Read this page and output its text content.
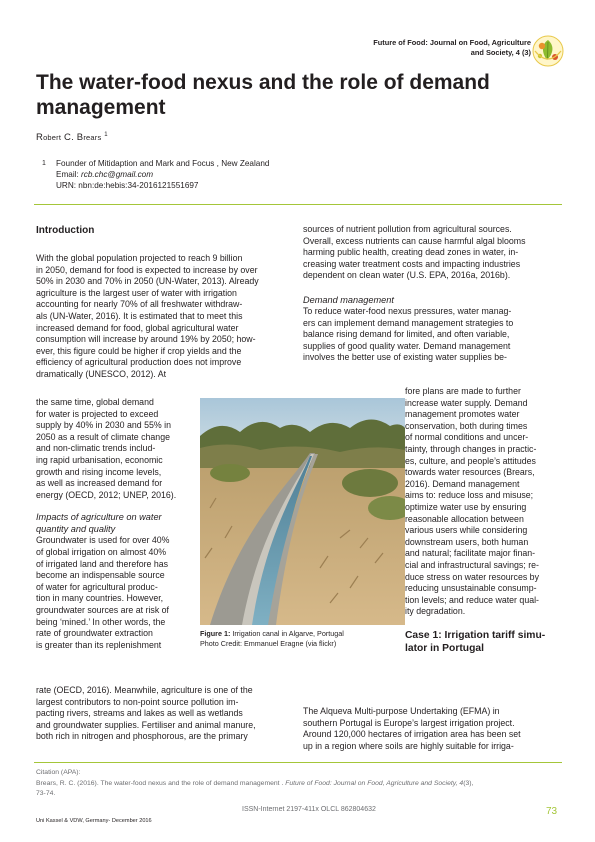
Future of Food: Journal on Food, Agriculture
and Society, 4 (3)
The water-food nexus and the role of demand management
Robert C. Brears $^1$
1 Founder of Mitidaption and Mark and Focus , New Zealand
Email: rcb.chc@gmail.com
URN: nbn:de:hebis:34-2016121551697
Introduction

With the global population projected to reach 9 billion
in 2050, demand for food is expected to increase by over
50% in 2030 and 70% in 2050 (UN-Water, 2013). Already
agriculture is the largest user of water with irrigation
accounting for nearly 70% of all freshwater withdraw-
als (UN-Water, 2016). It is estimated that to meet this
increased demand for food, global agricultural water
consumption will increase by around 19% by 2050; how-
ever, this figure could be higher if crop yields and the
efficiency of agricultural production does not improve
dramatically (UNESCO, 2012). At

the same time, global demand
for water is projected to exceed
supply by 40% in 2030 and 55% in
2050 as a result of climate change
and non-climatic trends includ-
ing rapid urbanisation, economic
growth and rising income levels,
as well as increased demand for
energy (OECD, 2012; UNEP, 2016).

Impacts of agriculture on water
quantity and quality

Groundwater is used for over 40%
of global irrigation on almost 40%
of irrigated land and therefore has
become an indispensable source
of water for agricultural produc-
tion in many countries. However,
groundwater sources are at risk of
being ‘mined.’ In other words, the
rate of groundwater extraction
is greater than its replenishment

rate (OECD, 2016). Meanwhile, agriculture is one of the
largest contributors to non-point source pollution im-
pacting rivers, streams and lakes as well as wetlands
and groundwater supplies. Fertiliser and animal manure,
both rich in nitrogen and phosphorous, are the primary

sources of nutrient pollution from agricultural sources.
Overall, excess nutrients can cause harmful algal blooms
harming public health, creating dead zones in water, in-
creasing water treatment costs and impacting industries
dependent on clean water (U.S. EPA, 2016a, 2016b).

Demand management

To reduce water-food nexus pressures, water manag-
ers can implement demand management strategies to
balance rising demand for limited, and often variable,
supplies of good quality water. Demand management
involves the better use of existing water supplies be-

fore plans are made to further
increase water supply. Demand
management promotes water
conservation, both during times
of normal conditions and uncer-
tainty, through changes in practic-
es, culture, and people’s attitudes
towards water resources (Brears,
2016). Demand management
aims to: reduce loss and misuse;
optimize water use by ensuring
reasonable allocation between
various users while considering
downstream users, both human
and natural; facilitate major finan-
cial and infrastructural savings; re-
duce stress on water resources by
reducing unsustainable consump-
tion levels; and reduce water qual-
ity degradation.

Case 1: Irrigation tariff simu-
lator in Portugal

The Alqueva Multi-purpose Undertaking (EFMA) in
southern Portugal is Europe’s largest irrigation project.
Around 120,000 hectares of irrigation area has been set
up in a region where soils are highly suitable for irriga-

Figure 1: Irrigation canal in Algarve, Portugal
Photo Credit: Emmanuel Eragne (via flickr)
Citation (APA):
Brears, R. C. (2016). The water-food nexus and the role of demand management . Future of Food: Journal on Food, Agriculture and Society, 4(3),
73-74.
ISSN-Internet 2197-411x OLCL 862804632	73
Uni Kassel & VDW, Germany- December 2016
